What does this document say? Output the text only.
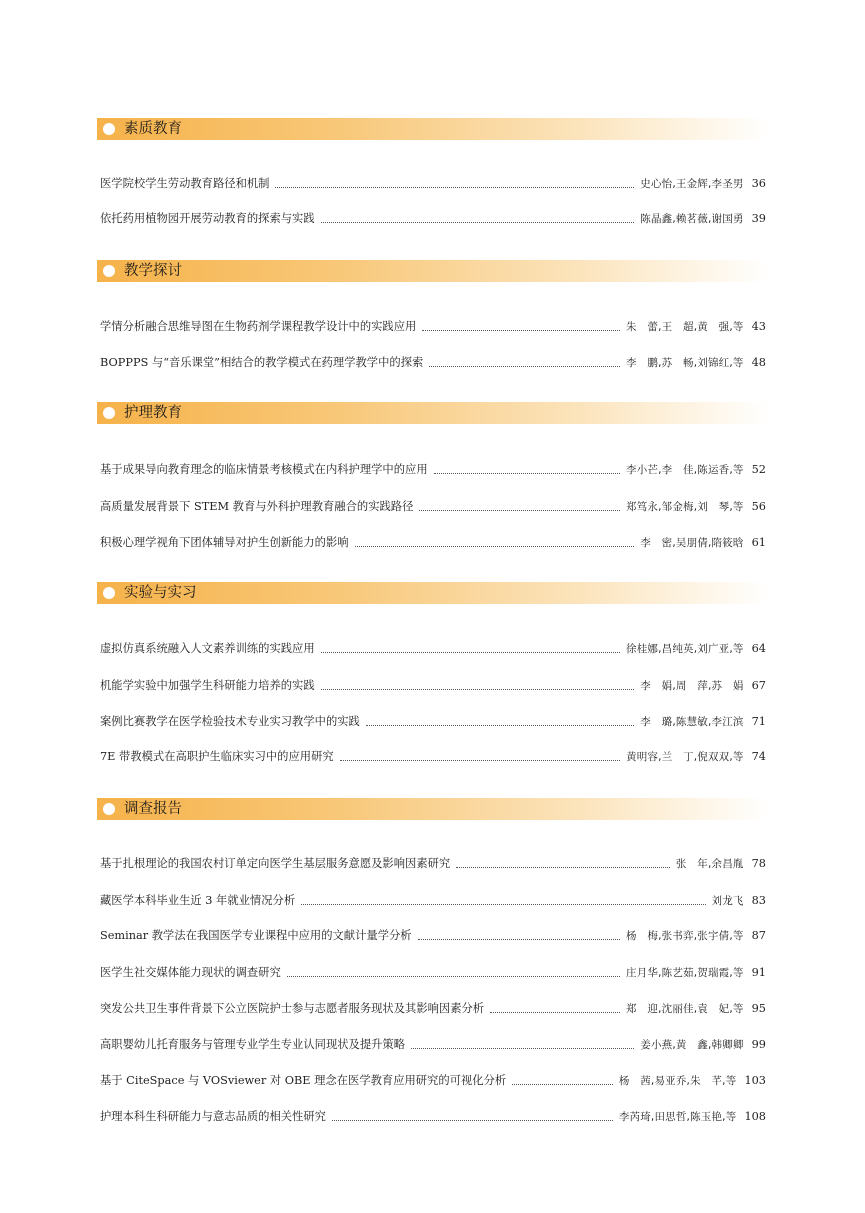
素质教育
医学院校学生劳动教育路径和机制	史心怡,王金辉,李圣男 36
依托药用植物园开展劳动教育的探索与实践	陈晶鑫,赖茗薇,谢国勇 39
教学探讨
学情分析融合思维导图在生物药剂学课程教学设计中的实践应用	朱　蕾,王　超,黄　强,等 43
BOPPPS 与“音乐课堂”相结合的教学模式在药理学教学中的探索	李　鹏,苏　畅,刘锦红,等 48
护理教育
基于成果导向教育理念的临床情景考核模式在内科护理学中的应用	李小芒,李　佳,陈运香,等 52
高质量发展背景下 STEM 教育与外科护理教育融合的实践路径	郑笃永,邹金梅,刘　琴,等 56
积极心理学视角下团体辅导对护生创新能力的影响	李　密,吴朋倩,隋筱晗 61
实验与实习
虚拟仿真系统融入人文素养训练的实践应用	徐桂娜,昌纯英,刘广亚,等 64
机能学实验中加强学生科研能力培养的实践	李　娟,周　萍,苏　娟 67
案例比赛教学在医学检验技术专业实习教学中的实践	李　璐,陈慧敏,李江滨 71
7E 带教模式在高职护生临床实习中的应用研究	黄明容,兰　丁,倪双双,等 74
调查报告
基于扎根理论的我国农村订单定向医学生基层服务意愿及影响因素研究	张　年,余昌胤 78
藏医学本科毕业生近 3 年就业情况分析	刘龙飞 83
Seminar 教学法在我国医学专业课程中应用的文献计量学分析	杨　梅,张书弈,张宇倩,等 87
医学生社交媒体能力现状的调查研究	庄月华,陈艺茹,贺瑞霞,等 91
突发公共卫生事件背景下公立医院护士参与志愿者服务现状及其影响因素分析	郑　迎,沈丽佳,袁　妃,等 95
高职婴幼儿托育服务与管理专业学生专业认同现状及提升策略	姜小燕,黄　鑫,韩卿卿 99
基于 CiteSpace 与 VOSviewer 对 OBE 理念在医学教育应用研究的可视化分析	杨　茜,易亚乔,朱　芊,等 103
护理本科生科研能力与意志品质的相关性研究	李芮琦,田思哲,陈玉艳,等 108
